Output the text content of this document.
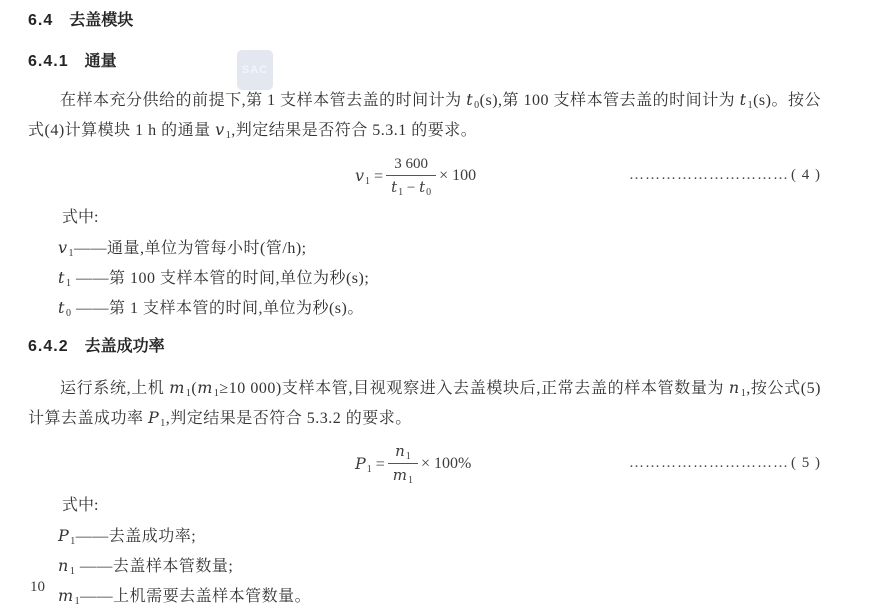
SAC
6.4 去盖模块
6.4.1 通量
在样本充分供给的前提下,第 1 支样本管去盖的时间计为 $t_0(s)$,第 100 支样本管去盖的时间计为 $t_1(s)$。按公式(4)计算模块 1 h 的通量 $v_1$,判定结果是否符合 5.3.1 的要求。
$v_1 = \frac{3 600}{t_1 - t_0} \times 100$	………………………… ( 4 )
式中:
$v_1——$通量,单位为管每小时(管/h);
$t_1$ ——第 100 支样本管的时间,单位为秒(s);
$t_0$ ——第 1 支样本管的时间,单位为秒(s)。
6.4.2 去盖成功率
运行系统,上机 $m_1(m_1\ge 10$ 000)支样本管,目视观察进入去盖模块后,正常去盖的样本管数量为 $n_1$,按公式(5)计算去盖成功率 $P_1$,判定结果是否符合 5.3.2 的要求。
$P_1 = \frac{n_1}{m_1} \times 100\%$	………………………… ( 5 )
式中:
$P_1——$去盖成功率;
$n_1$ ——去盖样本管数量;
$m_1——$上机需要去盖样本管数量。
10
